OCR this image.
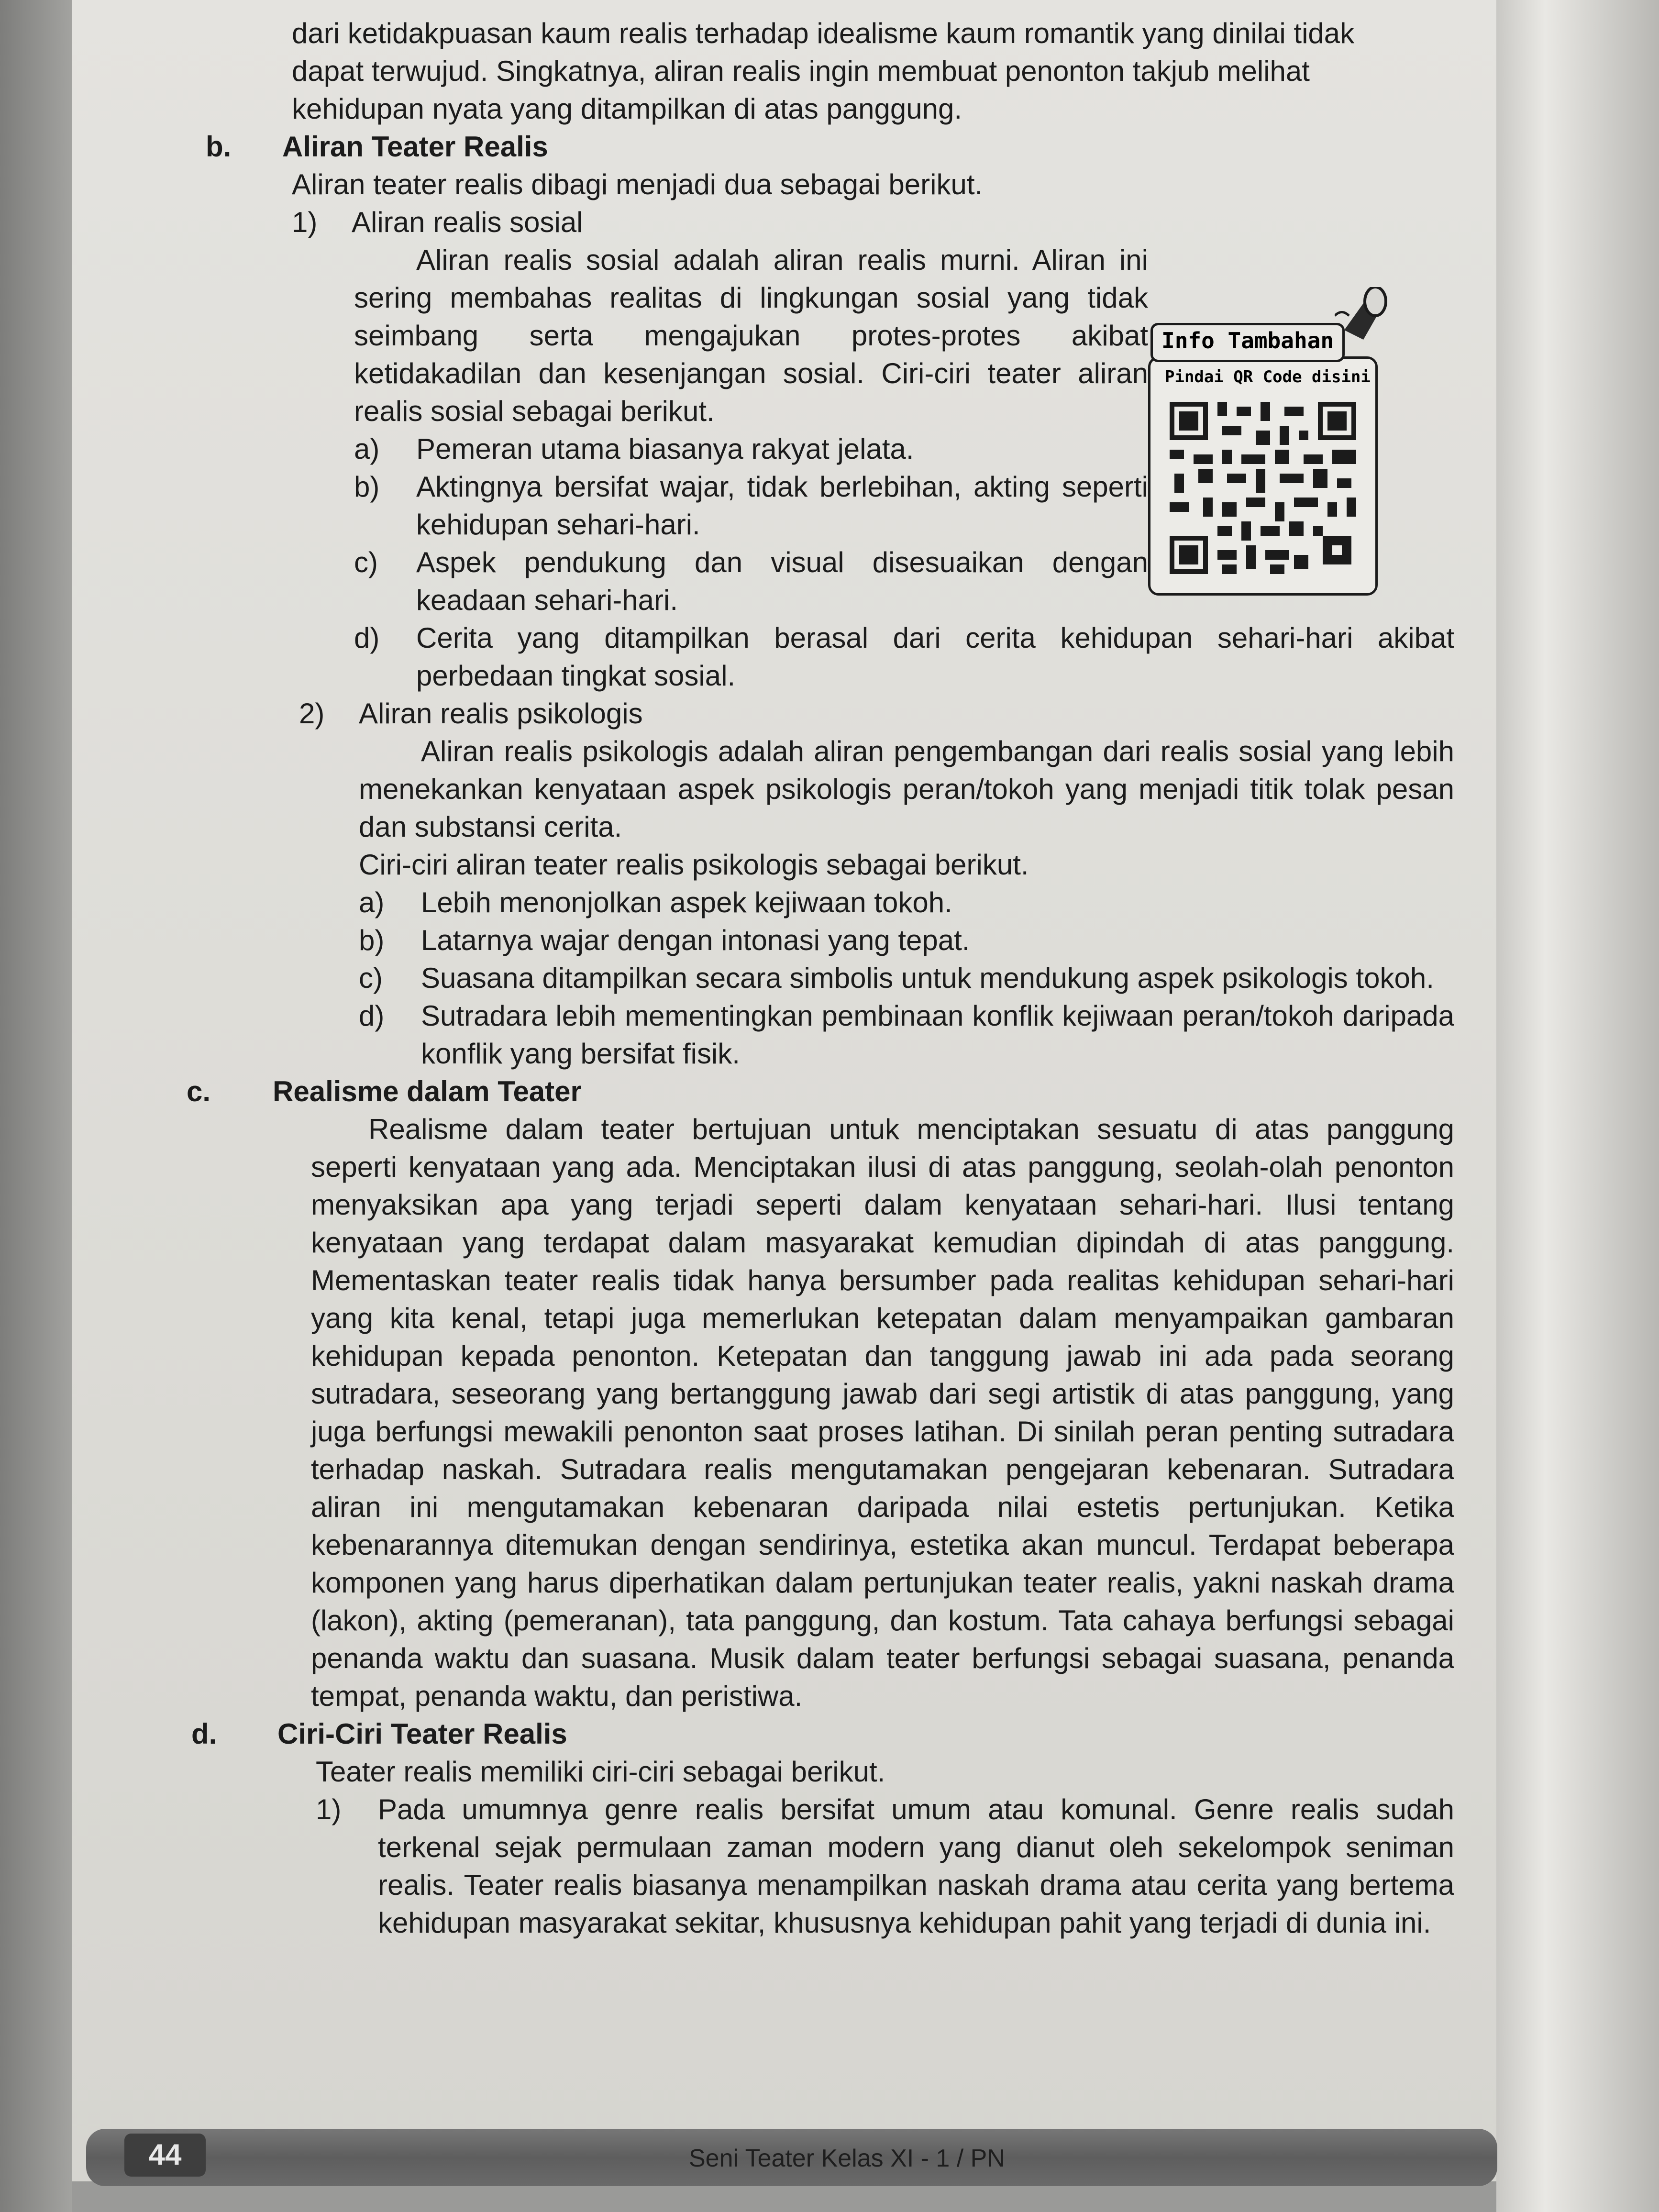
dari ketidakpuasan kaum realis terhadap idealisme kaum romantik yang dinilai tidak

dapat terwujud. Singkatnya, aliran realis ingin membuat penonton takjub melihat

kehidupan nyata yang ditampilkan di atas panggung.

b.	Aliran Teater Realis

Aliran teater realis dibagi menjadi dua sebagai berikut.

1)	Aliran realis sosial

Aliran realis sosial adalah aliran realis murni. Aliran ini sering membahas realitas di lingkungan sosial yang tidak seimbang serta mengajukan protes-protes akibat ketidakadilan dan kesenjangan sosial. Ciri-ciri teater aliran realis sosial sebagai berikut.

a)	Pemeran utama biasanya rakyat jelata.
b)	Aktingnya bersifat wajar, tidak berlebihan, akting seperti kehidupan sehari-hari.
c)	Aspek pendukung dan visual disesuaikan dengan keadaan sehari-hari.
d)	Cerita yang ditampilkan berasal dari cerita kehidupan sehari-hari akibat perbedaan tingkat sosial.
2)	Aliran realis psikologis

Aliran realis psikologis adalah aliran pengembangan dari realis sosial yang lebih menekankan kenyataan aspek psikologis peran/tokoh yang menjadi titik tolak pesan dan substansi cerita.

Ciri-ciri aliran teater realis psikologis sebagai berikut.

a)	Lebih menonjolkan aspek kejiwaan tokoh.
b)	Latarnya wajar dengan intonasi yang tepat.
c)	Suasana ditampilkan secara simbolis untuk mendukung aspek psikologis tokoh.
d)	Sutradara lebih mementingkan pembinaan konflik kejiwaan peran/tokoh daripada konflik yang bersifat fisik.
c.	Realisme dalam Teater

Realisme dalam teater bertujuan untuk menciptakan sesuatu di atas panggung seperti kenyataan yang ada. Menciptakan ilusi di atas panggung, seolah-olah penonton menyaksikan apa yang terjadi seperti dalam kenyataan sehari-hari. Ilusi tentang kenyataan yang terdapat dalam masyarakat kemudian dipindah di atas panggung. Mementaskan teater realis tidak hanya bersumber pada realitas kehidupan sehari-hari yang kita kenal, tetapi juga memerlukan ketepatan dalam menyampaikan gambaran kehidupan kepada penonton. Ketepatan dan tanggung jawab ini ada pada seorang sutradara, seseorang yang bertanggung jawab dari segi artistik di atas panggung, yang juga berfungsi mewakili penonton saat proses latihan. Di sinilah peran penting sutradara terhadap naskah. Sutradara realis mengutamakan pengejaran kebenaran. Sutradara aliran ini mengutamakan kebenaran daripada nilai estetis pertunjukan. Ketika kebenarannya ditemukan dengan sendirinya, estetika akan muncul. Terdapat beberapa komponen yang harus diperhatikan dalam pertunjukan teater realis, yakni naskah drama (lakon), akting (pemeranan), tata panggung, dan kostum. Tata cahaya berfungsi sebagai penanda waktu dan suasana. Musik dalam teater berfungsi sebagai suasana, penanda tempat, penanda waktu, dan peristiwa.

d.	Ciri-Ciri Teater Realis

Teater realis memiliki ciri-ciri sebagai berikut.

1)	Pada umumnya genre realis bersifat umum atau komunal. Genre realis sudah terkenal sejak permulaan zaman modern yang dianut oleh sekelompok seniman realis. Teater realis biasanya menampilkan naskah drama atau cerita yang bertema kehidupan masyarakat sekitar, khususnya kehidupan pahit yang terjadi di dunia ini.
Pindai QR Code disini
Info Tambahan
44	Seni Teater Kelas XI - 1 / PN
